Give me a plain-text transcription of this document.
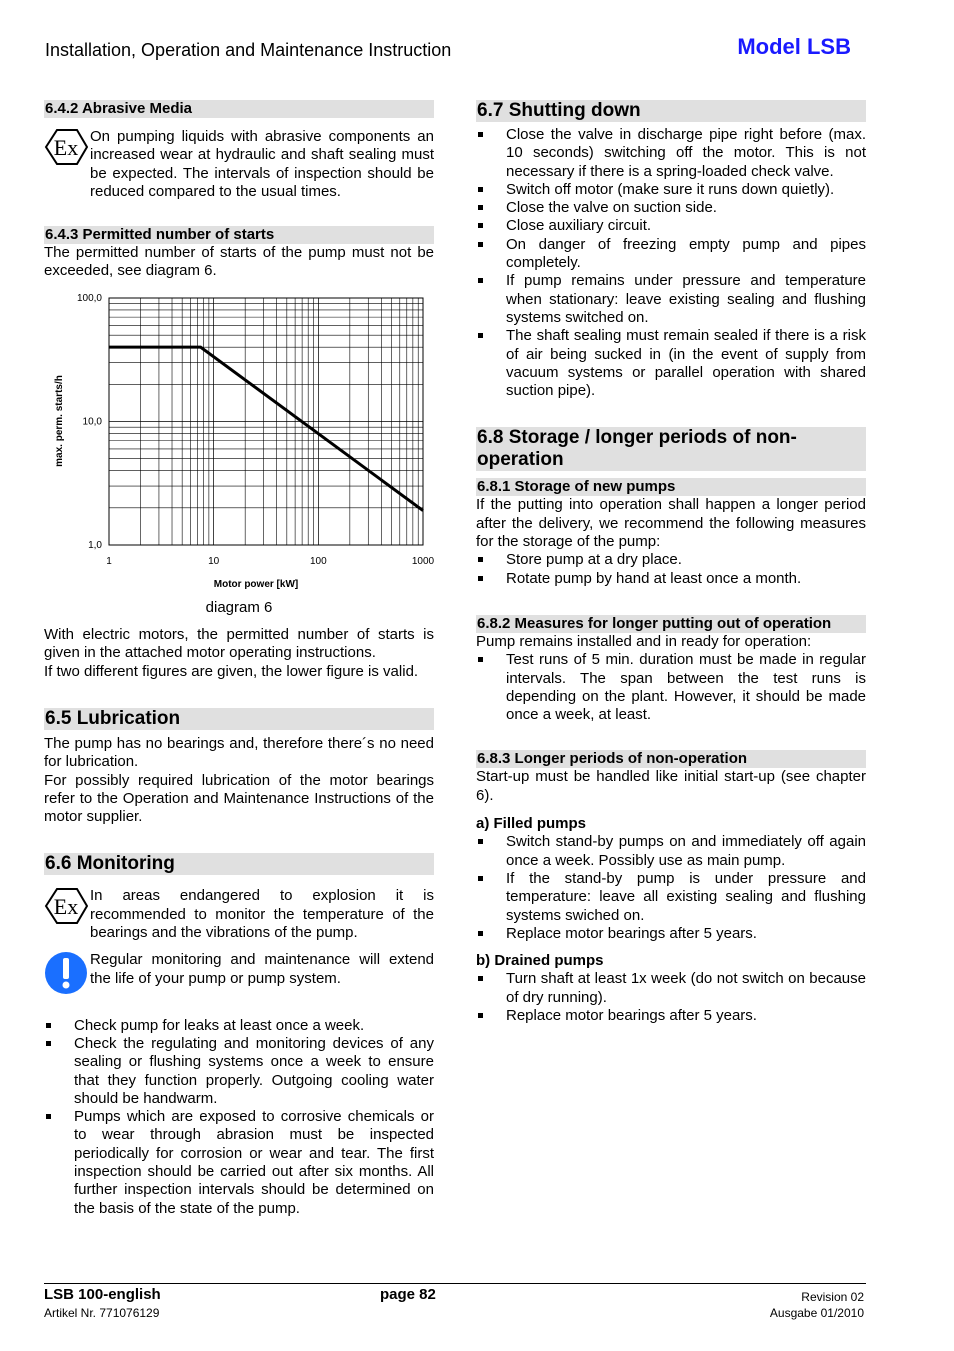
Installation, Operation and Maintenance Instruction	Model LSB
6.4.2 Abrasive Media
Ex On pumping liquids with abrasive components an increased wear at hydraulic and shaft sealing must be expected. The intervals of inspection should be reduced compared to the usual times.

6.4.3 Permitted number of starts

The permitted number of starts of the pump must not be exceeded, see diagram 6.

1	10	100	1000
1,0
10,0
100,0
Motor power [kW]
max. perm. starts/h
diagram 6

With electric motors, the permitted number of starts is given in the attached motor operating instructions.

If two different figures are given, the lower figure is valid.

6.5 Lubrication

The pump has no bearings and, therefore there´s no need for lubrication.

For possibly required lubrication of the motor bearings refer to the Operation and Maintenance Instructions of the motor supplier.

6.6 Monitoring
Ex In areas endangered to explosion it is recommended to monitor the temperature of the bearings and the vibrations of the pump.

Regular monitoring and maintenance will extend the life of your pump or pump system.

Check pump for leaks at least once a week.
Check the regulating and monitoring devices of any sealing or flushing systems once a week to ensure that they function properly. Outgoing cooling water should be handwarm.
Pumps which are exposed to corrosive chemicals or to wear through abrasion must be inspected periodically for corrosion or wear and tear. The first inspection should be carried out after six months. All further inspection intervals should be determined on the basis of the state of the pump.
6.7 Shutting down
Close the valve in discharge pipe right before (max. 10 seconds) switching off the motor. This is not necessary if there is a spring-loaded check valve.
Switch off motor (make sure it runs down quietly).
Close the valve on suction side.
Close auxiliary circuit.
On danger of freezing empty pump and pipes completely.
If pump remains under pressure and temperature when stationary: leave existing sealing and flushing systems switched on.
The shaft sealing must remain sealed if there is a risk of air being sucked in (in the event of supply from vacuum systems or parallel operation with shared suction pipe).
6.8 Storage / longer periods of non-operation
6.8.1 Storage of new pumps

If the putting into operation shall happen a longer period after the delivery, we recommend the following measures for the storage of the pump:

Store pump at a dry place.
Rotate pump by hand at least once a month.
6.8.2 Measures for longer putting out of operation

Pump remains installed and in ready for operation:

Test runs of 5 min. duration must be made in regular intervals. The span between the test runs is depending on the plant. However, it should be made once a week, at least.
6.8.3 Longer periods of non-operation

Start-up must be handled like initial start-up (see chapter 6).

a) Filled pumps
Switch stand-by pumps on and immediately off again once a week. Possibly use as main pump.
If the stand-by pump is under pressure and temperature: leave all existing sealing and flushing systems swiched on.
Replace motor bearings after 5 years.
b) Drained pumps
Turn shaft at least 1x week (do not switch on because of dry running).
Replace motor bearings after 5 years.
LSB 100-english
Artikel Nr. 771076129
page 82	Revision 02
Ausgabe 01/2010
